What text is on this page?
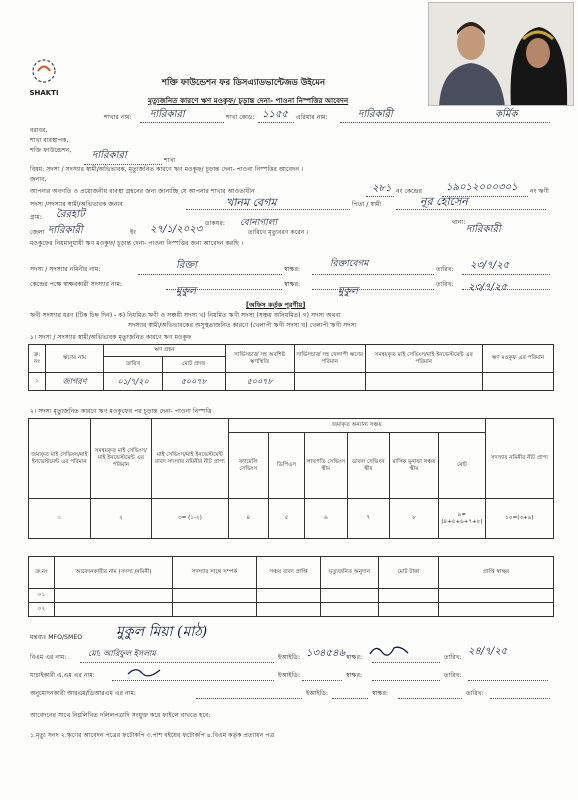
SHAKTI
শক্তি ফাউন্ডেশন ফর ডিসএ্যাডভান্টেজড উইমেন
মৃত্যুজনিত কারণে ঋণ মওকুফ/ চূড়ান্ত দেনা- পাওনা নিস্পত্তির আবেদন
শাখার নাম: দারিকারা	শাখা কোড: ১১৫৫ এরিয়ার নাম:	দারিকারী	কর্মিক
বরাবর,
শাখা ব্যবস্থাপক,
শক্তি ফাউন্ডেশন, দারিকারা	শাখা
বিষয়: সদস্য / সদস্যার স্বামী/অভিভাবক, মৃত্যুজনিত কারণে ঋণ মওকুফ/ চূড়ান্ত দেনা- পাওনা নিস্পত্তির আবেদন ।
জনাব,
আপনার অবগতি ও প্রয়োজনীয় ব্যবস্থা গ্রহনের জন্য জানাচ্ছি যে আপনার শাখার আওতাধীন	২৮১ নং কেন্দ্রের ১৯০১২০০০৩০১ নং ঋণী
সদস্য /সদস্যার স্বামী/অভিভাবক জনাব	খানম বেগম	পিতা / স্বামী	নূর হোসেন
গ্রাম: রৈরহাট
ডাকঘর: বোনাগালা	থানা:
দারিকারী
জেলা দারিকারী	ইং ২৭/১/২০২৩	তারিখে মৃত্যুবরণ করেন ।
মওকুফের নিয়মানুযায়ী ঋণ মওকুফ/ চূড়ান্ত দেনা- পাওনা নিস্পত্তির জন্য আবেদন করছি ।
সদস্য / সদস্যার নমিনীর নাম:	রিক্তা	স্বাক্ষর:
রিক্তাবেগম
তারিখ: ২৩/৭/২৫
কেন্দ্রের পক্ষে স্বাক্ষরকারী সদস্যার নাম:	স্বাক্ষর:	তারিখ:
মুকুল	মুকুল	২৩/৭/২৫
[অফিস কর্তৃক পূরণীয়]
ঋণী সদস্যার ধরণ (টিক চিহ্ন দিন) - ক) নিয়মিত ঋণী ও সঞ্চয়ী সদস্য খ) নিয়মিত ঋণী সদস্য (সঞ্চয় অনিয়মিত) গ) সদস্য অথবা
সদস্যার স্বামী/অভিভাবকের অসুস্থতাজনিত কারণে (খেলাপী ঋণী সদস্য ঘ) খেলাপী ঋণী সদস্য
১। সদস্য / সদস্যার স্বামী/অভিভাবক মৃত্যুজনিত কারণে ঋণ মওকুফ
ক্র: নং	ঋণের নাম	ঋণ গ্রহন		সার্ভিসচার্জ সহ অবশিষ্ট ঋণস্থিতি	সার্ভিসচার্জ সহ খেলাপী ঋণের পরিমান	সমন্বয়কৃত মাই সেভিংস/মাই ইনভেস্টমেন্ট এর পরিমান	ঋণ মওকুফ এর পরিমান
		তারিখ	মোট প্রদত্ত				
১	জাগরণ	০১/৭/২০	৫০০৭৮	৫০০৭৮			
২। সদস্য মৃত্যুজনিত কারণে ঋণ মওকুফের পর চূড়ান্ত দেনা- পাওনা নিস্পত্তি
জমাকৃত মাই সেভিংস/মাই ইনভেস্টমেন্ট এর পরিমান	সমন্বয়কৃত মাই সেভিংস/মাই ইনভেস্টমেন্ট এর পরিমান	মাই সেভিংস/মাই ইনভেস্টমেন্ট বাবদ সদস্যার নমিনীর নীট প্রাপ্য	জমাকৃত অন্যান্য সঞ্চয়						সদস্যার নমিনীর নীট প্রাপ্য
			ফ্যামেলি সেভিংস	ডিপিএস	লাখপতি সেভিংস স্কীম	ডাবল সেভিংস স্কীম	মাসিক মুনাফা সঞ্চয় স্কীম	মোট	
১	২	৩= (১-২)	৪	৫	৬	৭	৮	৯= (৪+৫+৬+৭+৮)	১০=(৩+৯)
ক্র:নং	আবেদনকারীর নাম (সদস্য /নমিনী)	সদস্যার সাথে সম্পর্ক	সঞ্চয় বাবদ প্রাপ্তি	মৃত্যুজনিত অনুদান	মোট টাকা	প্রাপ্তি স্বাক্ষর
০১						
০২						
মন্তব্যঃ MFO/SMEO মুকুল মিয়া (মাঠ)
বিএম এর নাম:	মো: আরিফুল ইসলাম	ইআইডি: ১৩৪৫৪৬ স্বাক্ষর:	তারিখ:
২৪/৭/২৫
যাচাইকারী এ.এম এর নাম:	ইআইডি:	স্বাক্ষর:	তারিখ:
অনুমোদনকারী আরএম/ডিআরএম এর নাম:	ইআইডি:	স্বাক্ষর:	তারিখ:
আবেদনের সাথে নিম্নলিখিত দলিলপত্রাদি সংযুক্ত করে ফাইলে রাখতে হবে:
১.মৃত্যু সনদ ২.ঋণের আবেদন পত্রের ফটোকপি ৩.পাশ বইয়ের ফটোকপি ৪.বিএম কর্তৃক প্রত্যায়ন পত্র
